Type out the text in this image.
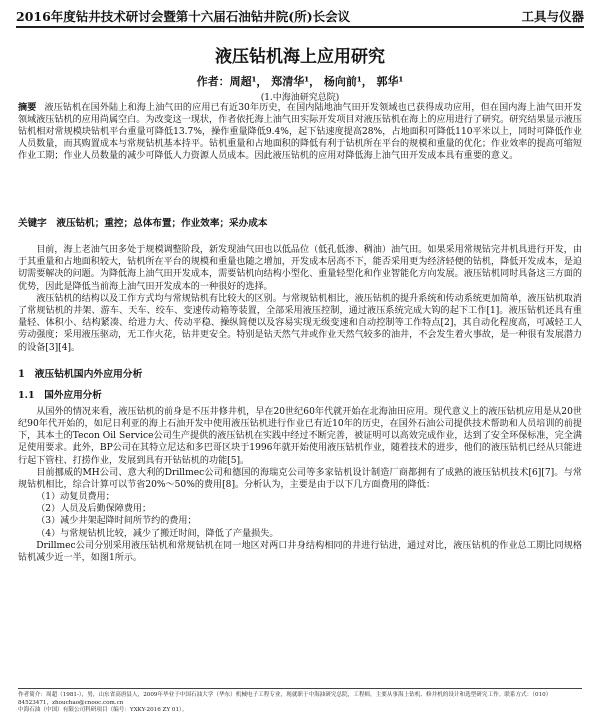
2016年度钻井技术研讨会暨第十六届石油钻井院(所)长会议	工具与仪器
液压钻机海上应用研究
作者：周超¹， 郑清华¹， 杨向前¹， 郭华¹
(1.中海油研究总院)
摘要 液压钻机在国外陆上和海上油气田的应用已有近30年历史，在国内陆地油气田开发领域也已获得成功应用，但在国内海上油气田开发领域液压钻机的应用尚属空白。为改变这一现状，作者依托海上油气田实际开发项目对液压钻机在海上的应用进行了研究。研究结果显示液压钻机相对常规模块钻机平台重量可降低13.7%，操作重量降低9.4%，起下钻速度提高28%，占地面积可降低110平米以上，同时可降低作业人员数量，而其购置成本与常规钻机基本持平。钻机重量和占地面积的降低有利于钻机所在平台的规模和重量的优化；作业效率的提高可缩短作业工期；作业人员数量的减少可降低人力资源人员成本。因此液压钻机的应用对降低海上油气田开发成本具有重要的意义。
关键字　液压钻机；重控；总体布置；作业效率；采办成本

目前，海上老油气田多处于规模调整阶段，新发现油气田也以低品位（低孔低渗、稠油）油气田。如果采用常规钻完井机具进行开发，由于其重量和占地面积较大，钻机所在平台的规模和重量也随之增加，开发成本居高不下，能否采用更为经济轻便的钻机，降低开发成本，是迫切需要解决的问题。为降低海上油气田开发成本，需要钻机向结构小型化、重量轻型化和作业智能化方向发展。液压钻机同时具备这三方面的优势，因此是降低当前海上油气田开发成本的一种很好的选择。

液压钻机的结构以及工作方式均与常规钻机有比较大的区别。与常规钻机相比，液压钻机的提升系统和传动系统更加简单，液压钻机取消了常规钻机的井架、游车、天车、绞车、变速传动箱等装置，全部采用液压控制，通过液压系统完成大钩的起下工作[1]。液压钻机还具有重量轻、体积小、结构紧凑、给进力大、传动平稳、操纵简便以及容易实现无级变速和自动控制等工作特点[2]，其自动化程度高，可减轻工人劳动强度；采用液压驱动，无工作火花，钻井更安全。特别是钻天然气井或作业天然气较多的油井，不会发生着火事故，是一种很有发展潜力的设备[3][4]。

1　液压钻机国内外应用分析
1.1　国外应用分析

从国外的情况来看，液压钻机的前身是不压井修井机，早在20世纪60年代就开始在北海油田应用。现代意义上的液压钻机应用是从20世纪90年代开始的，如尼日利亚的海上石油开发中使用液压钻机进行作业已有近10年的历史，在国外石油公司提供技术帮助和人员培训的前提下，其本土的Tecon Oil Service公司生产提供的液压钻机在实践中经过不断完善，被证明可以高效完成作业，达到了安全环保标准，完全满足使用要求。此外，BP公司在其特立尼达和多巴哥区块于1996年就开始使用液压钻机作业，随着技术的进步，他们的液压钻机已经从只能进行起下管柱、打捞作业，发展到具有开钻钻机的功能[5]。

目前挪威的MH公司、意大利的Drillmec公司和德国的海瑞克公司等多家钻机设计制造厂商都拥有了成熟的液压钻机技术[6][7]。与常规钻机相比，综合计算可以节省20%～50%的费用[8]。分析认为，主要是由于以下几方面费用的降低：

（1）动复员费用；

（2）人员及后勤保障费用；

（3）减少井架起降时间所节约的费用；

（4）与常规钻机比较，减少了搬迁时间，降低了产量损失。

Drillmec公司分别采用液压钻机和常规钻机在同一地区对两口井身结构相同的井进行钻进，通过对比，液压钻机的作业总工期比同规格钻机减少近一半，如图1所示。

作者简介：周超（1981-），男，山东省高唐县人，2009年毕业于中国石油大学（华东）机械电子工程专业，现就职于中海油研究总院，工程师，主要从事海上钻机、修井机的设计和选型研究工作。联系方式：（010）84523471，zhouchao@cnooc.com.cn
中海石油（中国）有限公司科研项目（编号：YXKY-2016 ZY 01）。
